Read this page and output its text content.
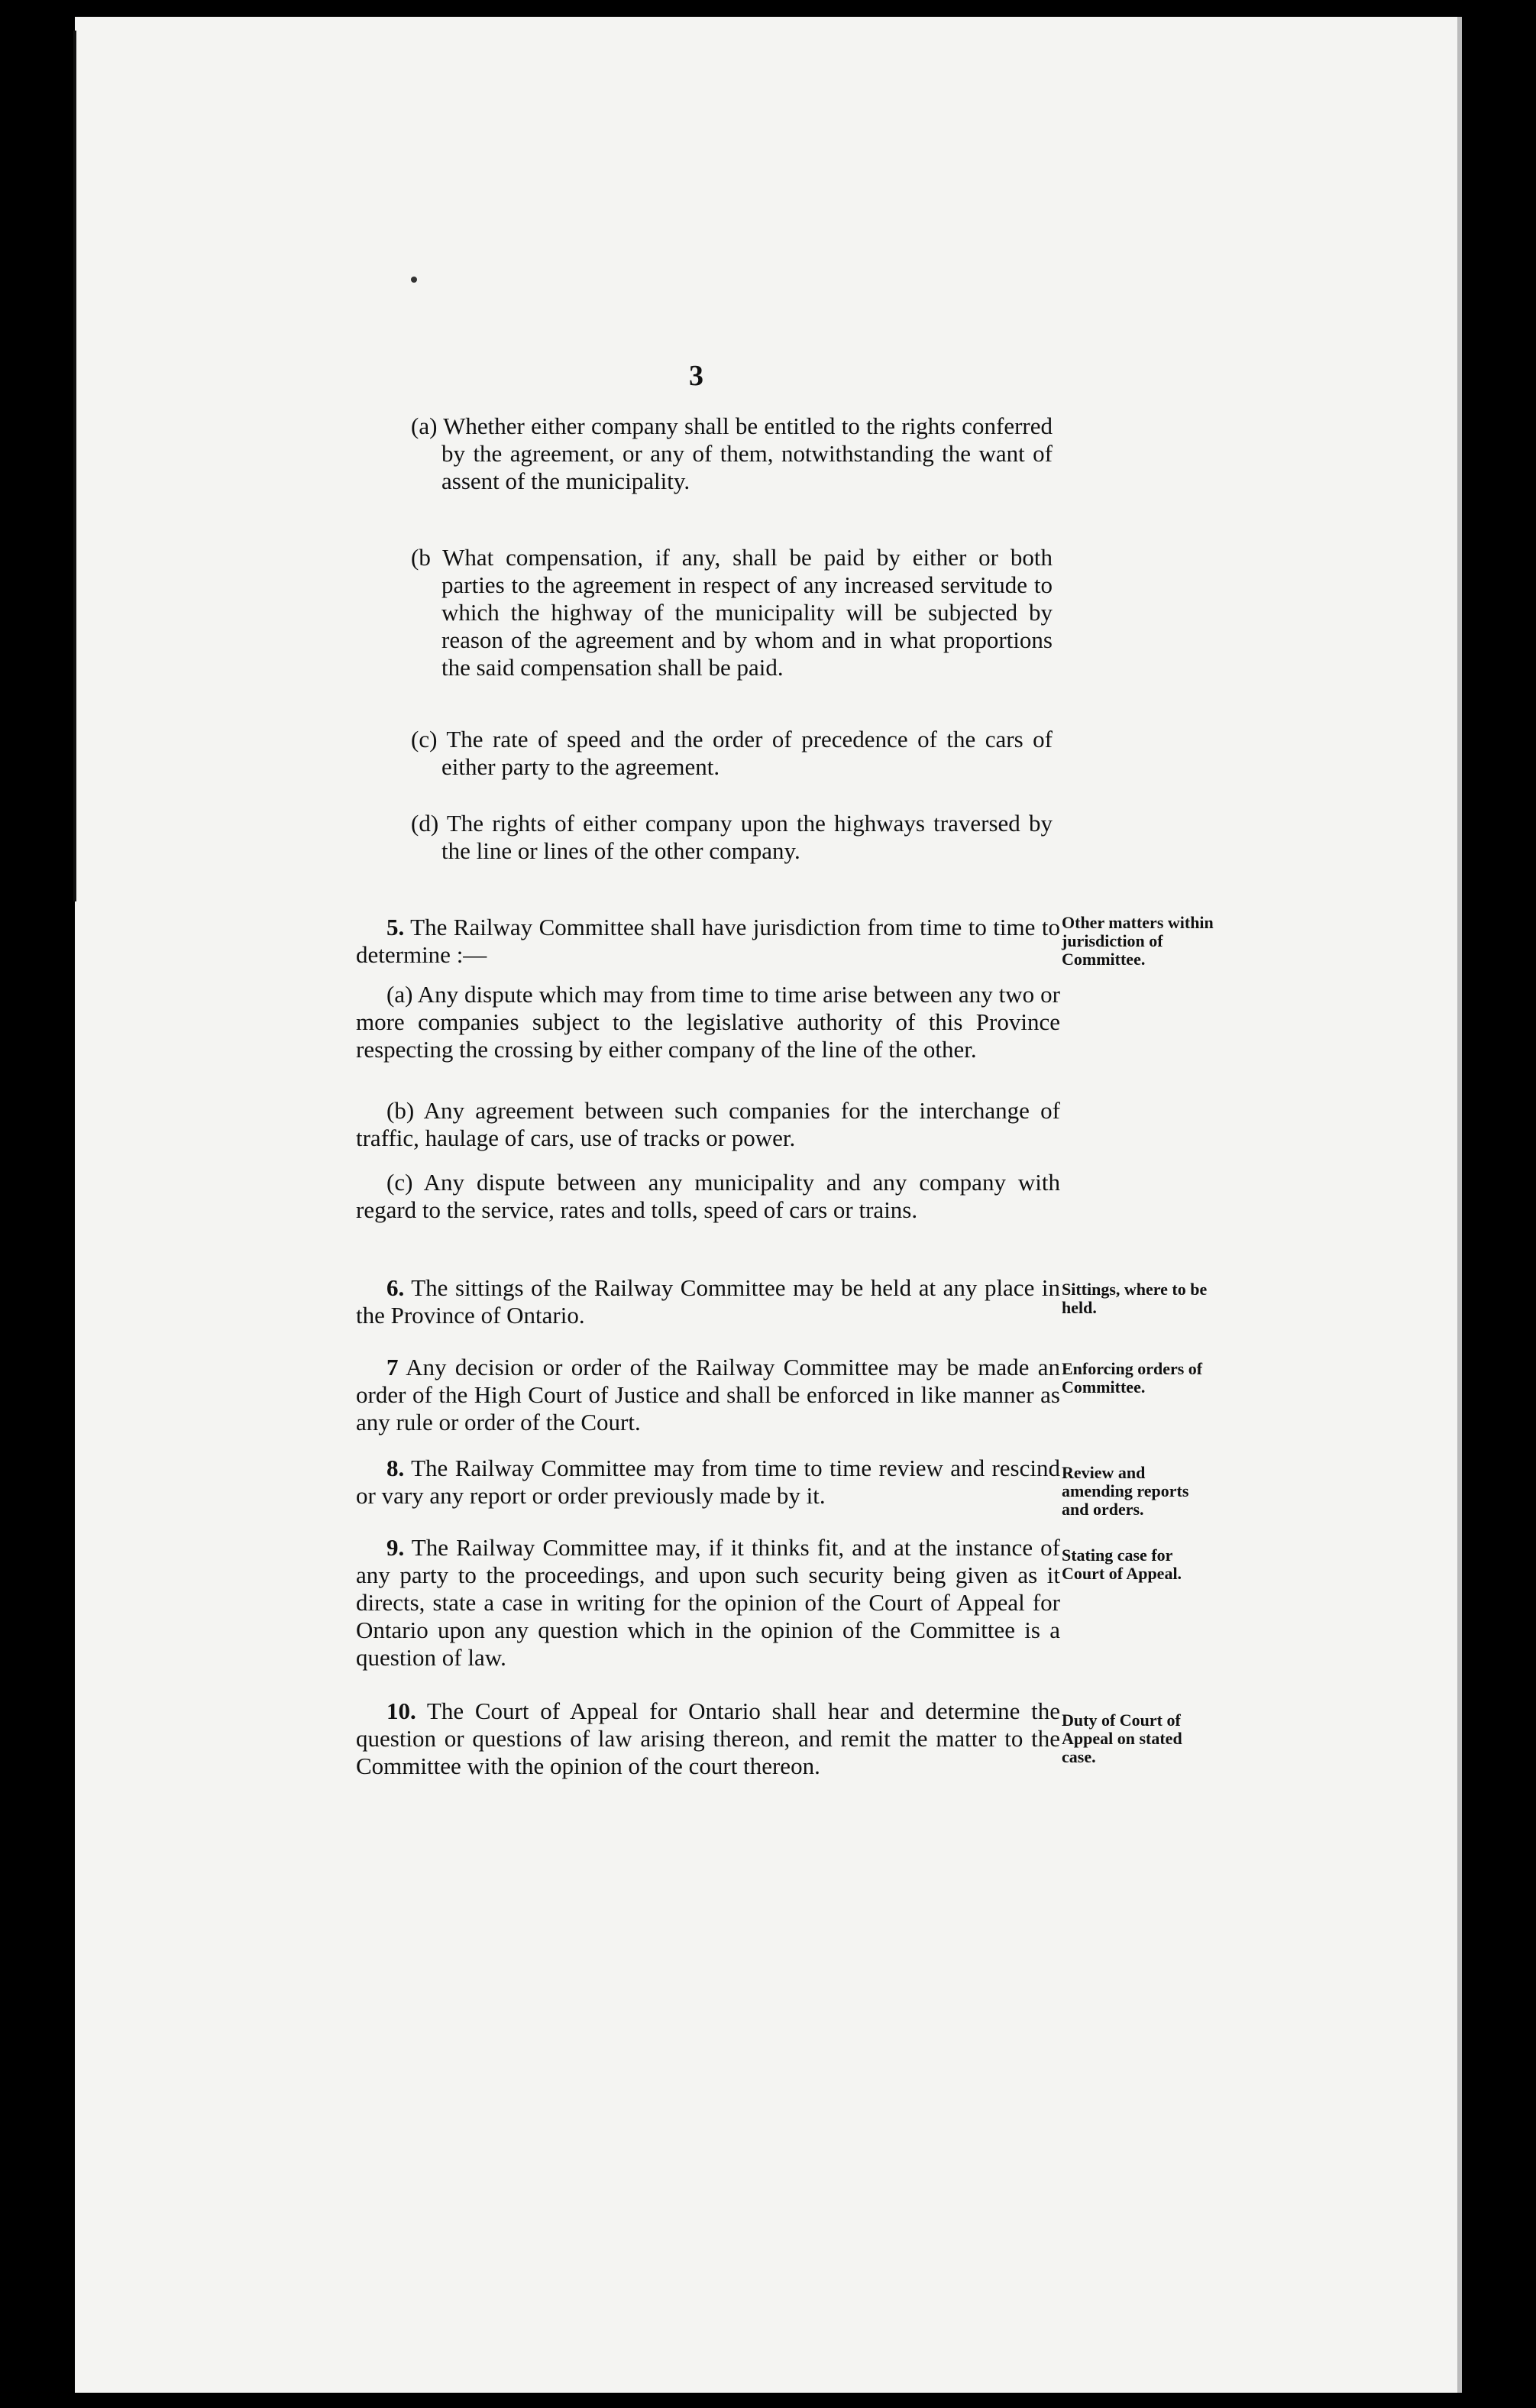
3
(a) Whether either company shall be entitled to the rights conferred by the agreement, or any of them, notwithstanding the want of assent of the municipality.
(b What compensation, if any, shall be paid by either or both parties to the agreement in respect of any increased servitude to which the highway of the municipality will be subjected by reason of the agreement and by whom and in what proportions the said compensation shall be paid.
(c) The rate of speed and the order of precedence of the cars of either party to the agreement.
(d) The rights of either company upon the highways traversed by the line or lines of the other company.
5. The Railway Committee shall have jurisdiction from time to time to determine :—
Other matters within jurisdiction of Committee.
(a) Any dispute which may from time to time arise between any two or more companies subject to the legislative authority of this Province respecting the crossing by either company of the line of the other.
(b) Any agreement between such companies for the interchange of traffic, haulage of cars, use of tracks or power.
(c) Any dispute between any municipality and any company with regard to the service, rates and tolls, speed of cars or trains.
6. The sittings of the Railway Committee may be held at any place in the Province of Ontario.
Sittings, where to be held.
7 Any decision or order of the Railway Committee may be made an order of the High Court of Justice and shall be enforced in like manner as any rule or order of the Court.
Enforcing orders of Committee.
8. The Railway Committee may from time to time review and rescind or vary any report or order previously made by it.
Review and amending reports and orders.
9. The Railway Committee may, if it thinks fit, and at the instance of any party to the proceedings, and upon such security being given as it directs, state a case in writing for the opinion of the Court of Appeal for Ontario upon any question which in the opinion of the Committee is a question of law.
Stating case for Court of Appeal.
10. The Court of Appeal for Ontario shall hear and determine the question or questions of law arising thereon, and remit the matter to the Committee with the opinion of the court thereon.
Duty of Court of Appeal on stated case.
